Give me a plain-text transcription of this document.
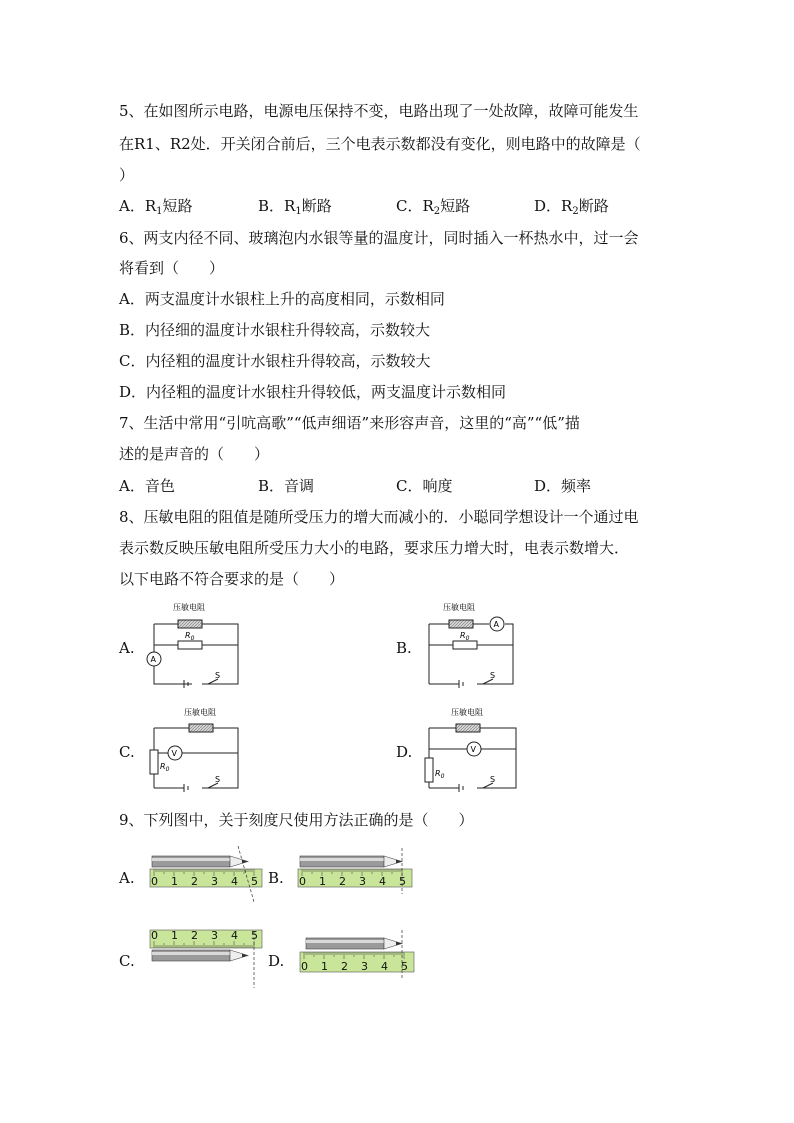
5、在如图所示电路，电源电压保持不变，电路出现了一处故障，故障可能发生
在R1、R2处．开关闭合前后，三个电表示数都没有变化，则电路中的故障是（
）
A．$R_1$短路	B．$R_1$断路	C．$R_2$短路	D．$R_2$断路
6、两支内径不同、玻璃泡内水银等量的温度计，同时插入一杯热水中，过一会
将看到（　　）
A．两支温度计水银柱上升的高度相同，示数相同
B．内径细的温度计水银柱升得较高，示数较大
C．内径粗的温度计水银柱升得较高，示数较大
D．内径粗的温度计水银柱升得较低，两支温度计示数相同
7、生活中常用“引吭高歌”“低声细语”来形容声音，这里的“高”“低”描
述的是声音的（　　）
A．音色	B．音调	C．响度	D．频率
8、压敏电阻的阻值是随所受压力的增大而减小的．小聪同学想设计一个通过电
表示数反映压敏电阻所受压力大小的电路，要求压力增大时，电表示数增大．
以下电路不符合要求的是（　　）
A.	B.
C.	D.
压敏电阻
$R_0$
A
S
压敏电阻
$R_0$
A
S
压敏电阻
$R_0$
V
S
压敏电阻
$R_0$
V
S
9、下列图中，关于刻度尺使用方法正确的是（　　）
A.	B.
C.	D.
0 1 2 3 4 5	0 1 2 3 4 5
0 1 2 3 4 5
0 1 2 3 4 5
